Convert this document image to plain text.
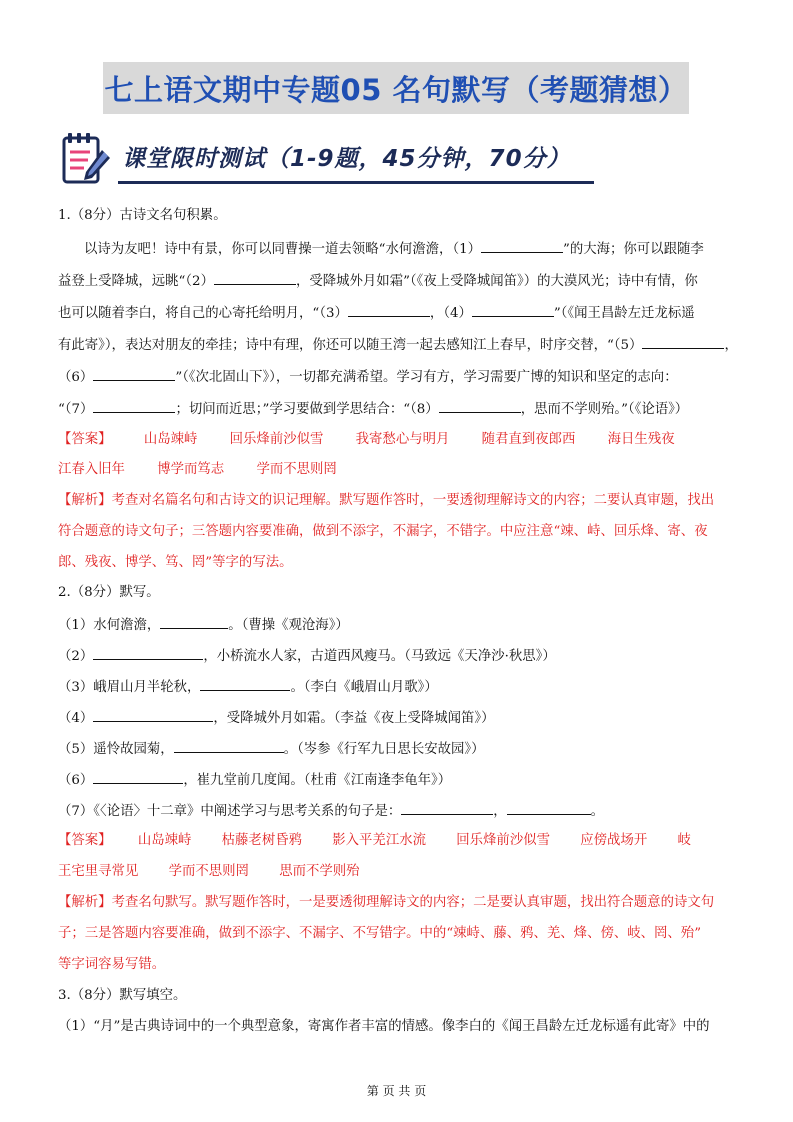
七上语文期中专题05 名句默写（考题猜想）
课堂限时测试（1-9题，45分钟，70分）
1.（8分）古诗文名句积累。
以诗为友吧！诗中有景，你可以同曹操一道去领略“水何澹澹，（1）	”的大海；你可以跟随李
益登上受降城，远眺“（2）	，受降城外月如霜”（《夜上受降城闻笛》）的大漠风光；诗中有情，你
也可以随着李白，将自己的心寄托给明月，“（3）	，（4）	”（《闻王昌龄左迁龙标遥
有此寄》），表达对朋友的牵挂；诗中有理，你还可以随王湾一起去感知江上春早，时序交替，“（5）	，
（6）	”（《次北固山下》），一切都充满希望。学习有方，学习需要广博的知识和坚定的志向：
“（7）	；切问而近思；”学习要做到学思结合：“（8）	，思而不学则殆。”（《论语》）
【答案】 山岛竦峙 回乐烽前沙似雪 我寄愁心与明月 随君直到夜郎西 海日生残夜
江春入旧年 博学而笃志 学而不思则罔
【解析】考查对名篇名句和古诗文的识记理解。默写题作答时，一要透彻理解诗文的内容；二要认真审题，找出
符合题意的诗文句子；三答题内容要准确，做到不添字，不漏字，不错字。中应注意“竦、峙、回乐烽、寄、夜
郎、残夜、博学、笃、罔”等字的写法。
2.（8分）默写。
（1）水何澹澹，	。（曹操《观沧海》）
（2）	，小桥流水人家，古道西风瘦马。（马致远《天净沙·秋思》）
（3）峨眉山月半轮秋，	。（李白《峨眉山月歌》）
（4）	，受降城外月如霜。（李益《夜上受降城闻笛》）
（5）遥怜故园菊，	。（岑参《行军九日思长安故园》）
（6）	，崔九堂前几度闻。（杜甫《江南逢李龟年》）
（7）《〈论语〉十二章》中阐述学习与思考关系的句子是：	，	。
【答案】 山岛竦峙 枯藤老树昏鸦 影入平羌江水流 回乐烽前沙似雪 应傍战场开 岐
王宅里寻常见 学而不思则罔 思而不学则殆
【解析】考查名句默写。默写题作答时，一是要透彻理解诗文的内容；二是要认真审题，找出符合题意的诗文句
子；三是答题内容要准确，做到不添字、不漏字、不写错字。中的“竦峙、藤、鸦、羌、烽、傍、岐、罔、殆”
等字词容易写错。
3.（8分）默写填空。
（1）“月”是古典诗词中的一个典型意象，寄寓作者丰富的情感。像李白的《闻王昌龄左迁龙标遥有此寄》中的
第 页 共 页
